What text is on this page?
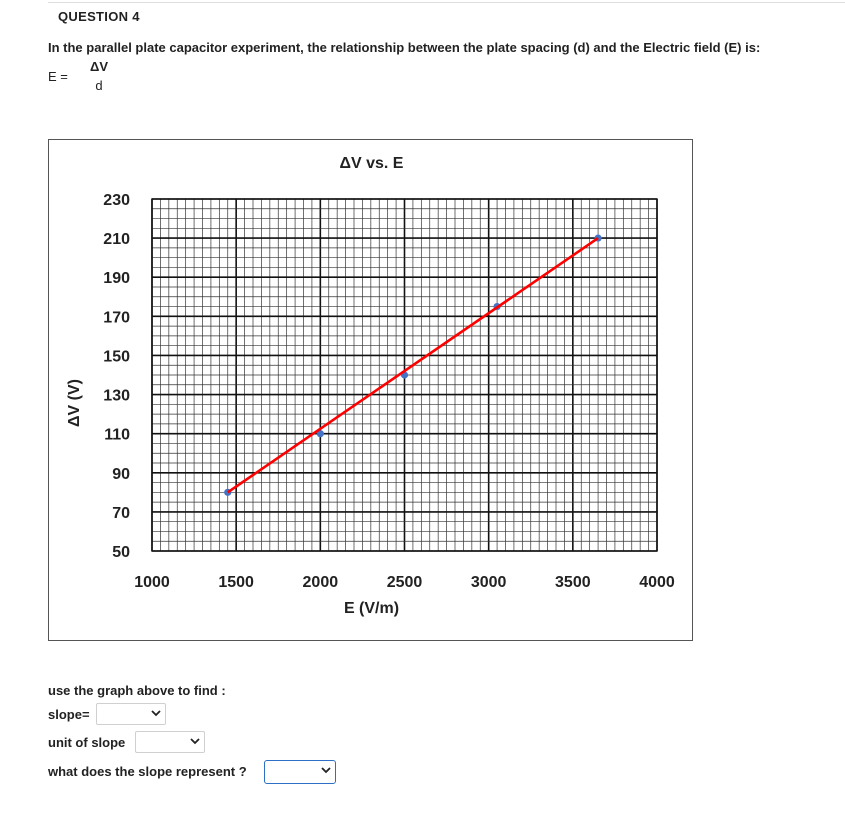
QUESTION 4
In the parallel plate capacitor experiment, the relationship between the plate spacing (d) and the Electric field (E) is:
E =
ΔV
d
1000	1500	2000	2500	3000	3500	4000
230
210
190
170
150
130
110
90
70
50
ΔV vs. E
E (V/m)
ΔV (V)
use the graph above to find :
slope=
unit of slope
what does the slope represent ?
